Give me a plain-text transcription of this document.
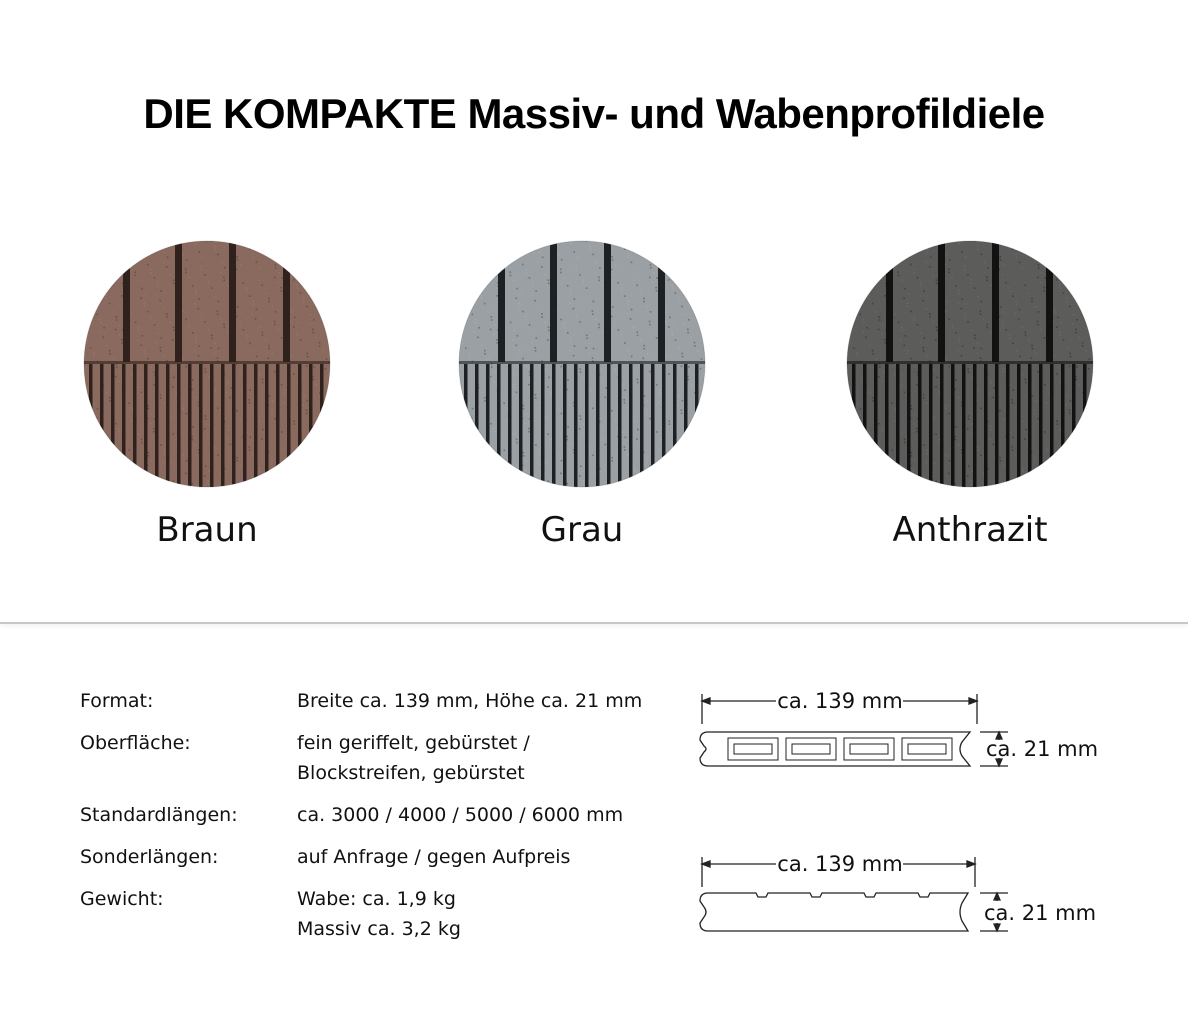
DIE KOMPAKTE Massiv- und Wabenprofildiele
Braun	Grau	Anthrazit
Format:	Breite ca. 139 mm, Höhe ca. 21 mm
Oberfläche:	fein geriffelt, gebürstet /
Blockstreifen, gebürstet
Standardlängen:	ca. 3000 / 4000 / 5000 / 6000 mm
Sonderlängen:	auf Anfrage / gegen Aufpreis
Gewicht:	Wabe: ca. 1,9 kg
Massiv ca. 3,2 kg
ca. 139 mm
ca. 21 mm
ca. 139 mm
ca. 21 mm
